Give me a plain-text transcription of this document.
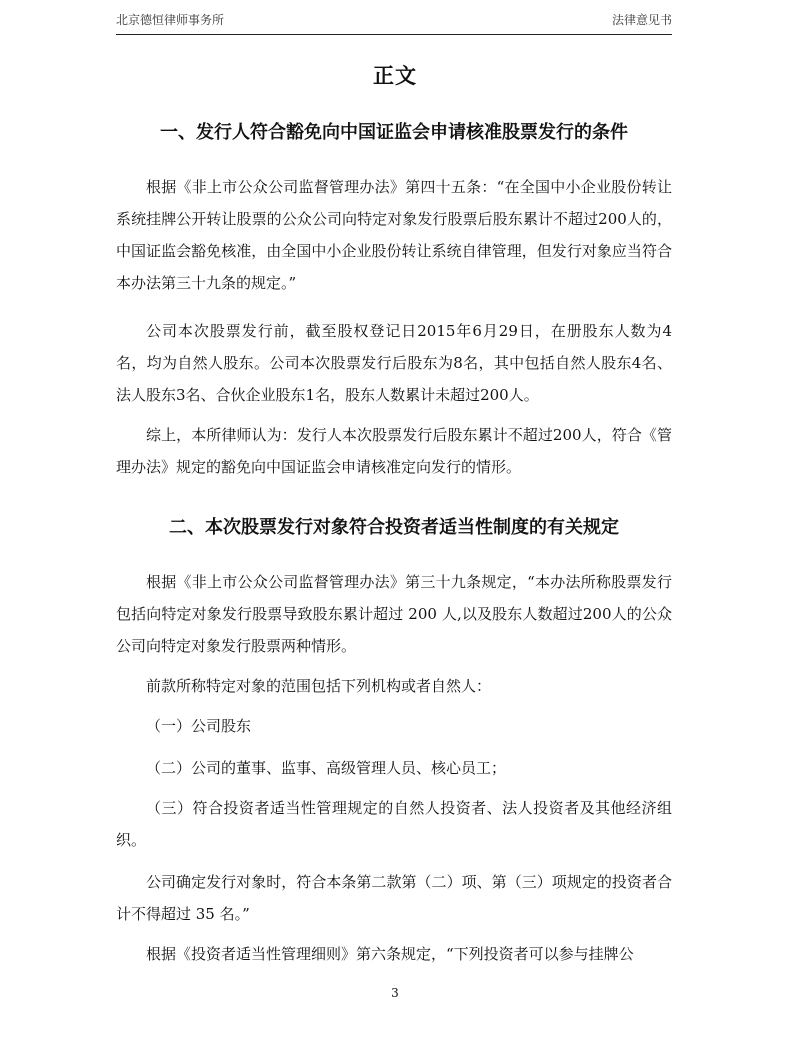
北京德恒律师事务所	法律意见书
正文
一、发行人符合豁免向中国证监会申请核准股票发行的条件
根据《非上市公众公司监督管理办法》第四十五条：“在全国中小企业股份转让系统挂牌公开转让股票的公众公司向特定对象发行股票后股东累计不超过200人的，中国证监会豁免核准，由全国中小企业股份转让系统自律管理，但发行对象应当符合本办法第三十九条的规定。”
公司本次股票发行前，截至股权登记日2015年6月29日，在册股东人数为4名，均为自然人股东。公司本次股票发行后股东为8名，其中包括自然人股东4名、法人股东3名、合伙企业股东1名，股东人数累计未超过200人。
综上，本所律师认为：发行人本次股票发行后股东累计不超过200人，符合《管理办法》规定的豁免向中国证监会申请核准定向发行的情形。
二、本次股票发行对象符合投资者适当性制度的有关规定
根据《非上市公众公司监督管理办法》第三十九条规定，“本办法所称股票发行包括向特定对象发行股票导致股东累计超过 200 人,以及股东人数超过200人的公众公司向特定对象发行股票两种情形。
前款所称特定对象的范围包括下列机构或者自然人：
（一）公司股东
（二）公司的董事、监事、高级管理人员、核心员工；
（三）符合投资者适当性管理规定的自然人投资者、法人投资者及其他经济组织。
公司确定发行对象时，符合本条第二款第（二）项、第（三）项规定的投资者合计不得超过 35 名。”
根据《投资者适当性管理细则》第六条规定，“下列投资者可以参与挂牌公
3
